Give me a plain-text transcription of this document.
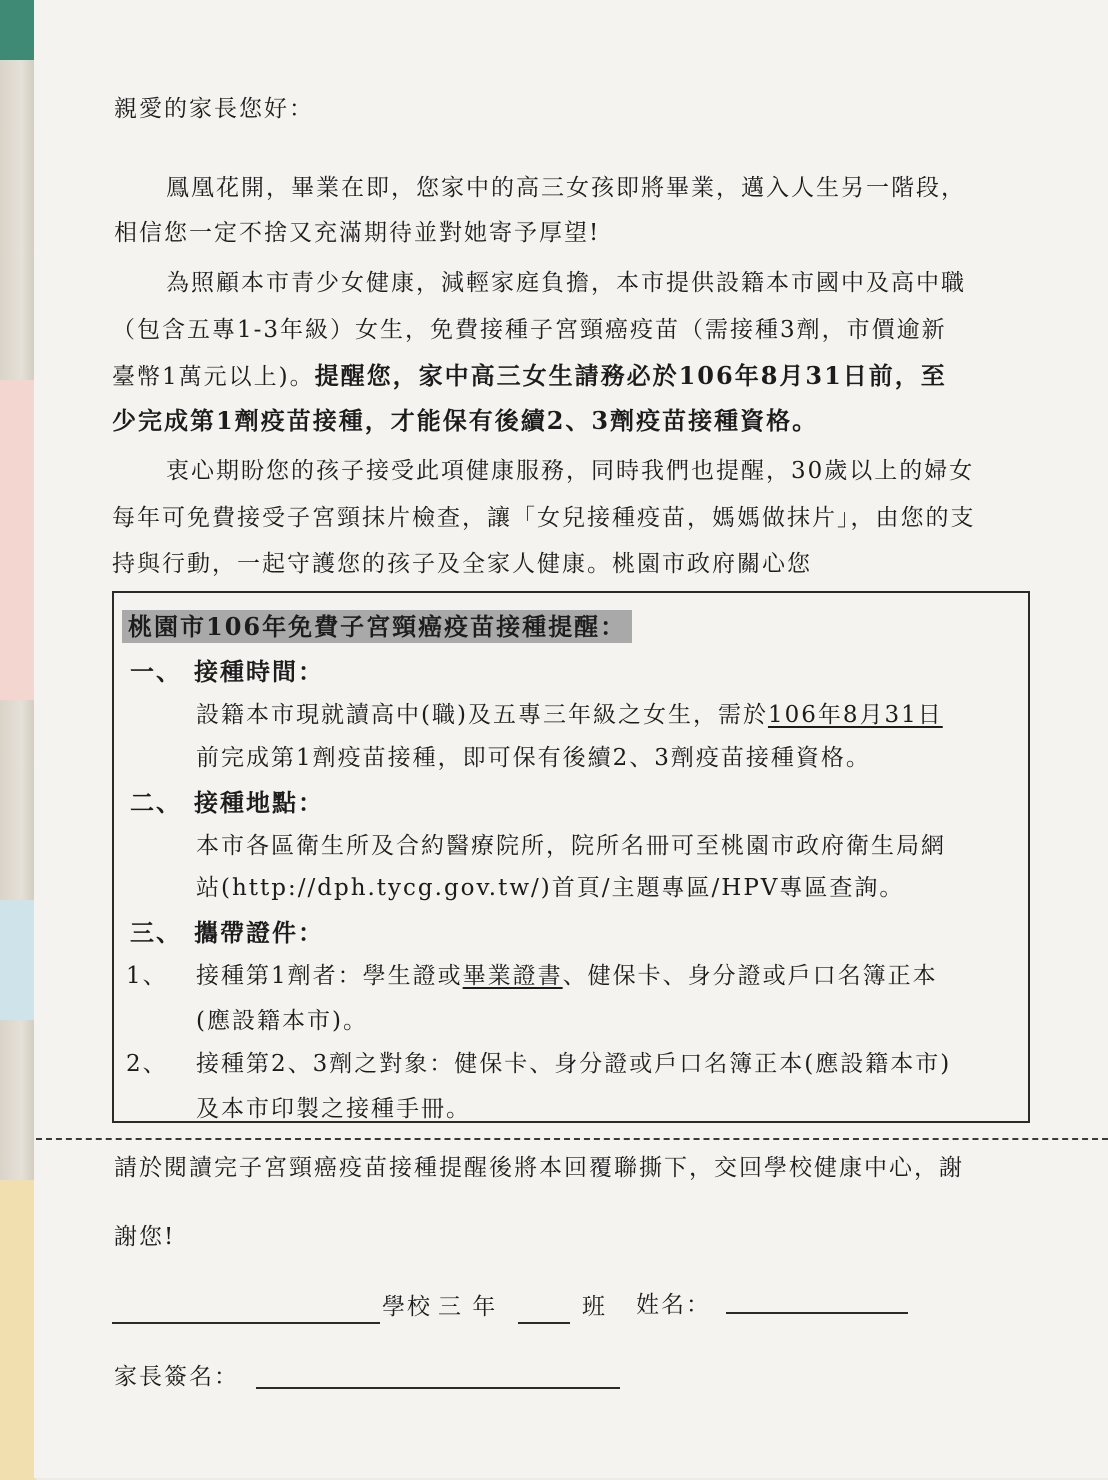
親愛的家長您好：
鳳凰花開，畢業在即，您家中的高三女孩即將畢業，邁入人生另一階段，
相信您一定不捨又充滿期待並對她寄予厚望!
為照顧本市青少女健康，減輕家庭負擔，本市提供設籍本市國中及高中職
（包含五專1-3年級）女生，免費接種子宮頸癌疫苗（需接種3劑，市價逾新
臺幣1萬元以上)。提醒您，家中高三女生請務必於106年8月31日前，至
少完成第1劑疫苗接種，才能保有後續2、3劑疫苗接種資格。
衷心期盼您的孩子接受此項健康服務，同時我們也提醒，30歲以上的婦女
每年可免費接受子宮頸抹片檢查，讓「女兒接種疫苗，媽媽做抹片」，由您的支
持與行動，一起守護您的孩子及全家人健康。桃園市政府關心您
桃園市106年免費子宮頸癌疫苗接種提醒：
一、 接種時間：
設籍本市現就讀高中(職)及五專三年級之女生，需於106年8月31日
前完成第1劑疫苗接種，即可保有後續2、3劑疫苗接種資格。
二、 接種地點：
本市各區衛生所及合約醫療院所，院所名冊可至桃園市政府衛生局網
站(http://dph.tycg.gov.tw/)首頁/主題專區/HPV專區查詢。
三、 攜帶證件：
1、 接種第1劑者：學生證或畢業證書、健保卡、身分證或戶口名簿正本
(應設籍本市)。
2、 接種第2、3劑之對象：健保卡、身分證或戶口名簿正本(應設籍本市)
及本市印製之接種手冊。
請於閱讀完子宮頸癌疫苗接種提醒後將本回覆聯撕下，交回學校健康中心，謝
謝您!
學校 三 年	班 姓名：
家長簽名：
